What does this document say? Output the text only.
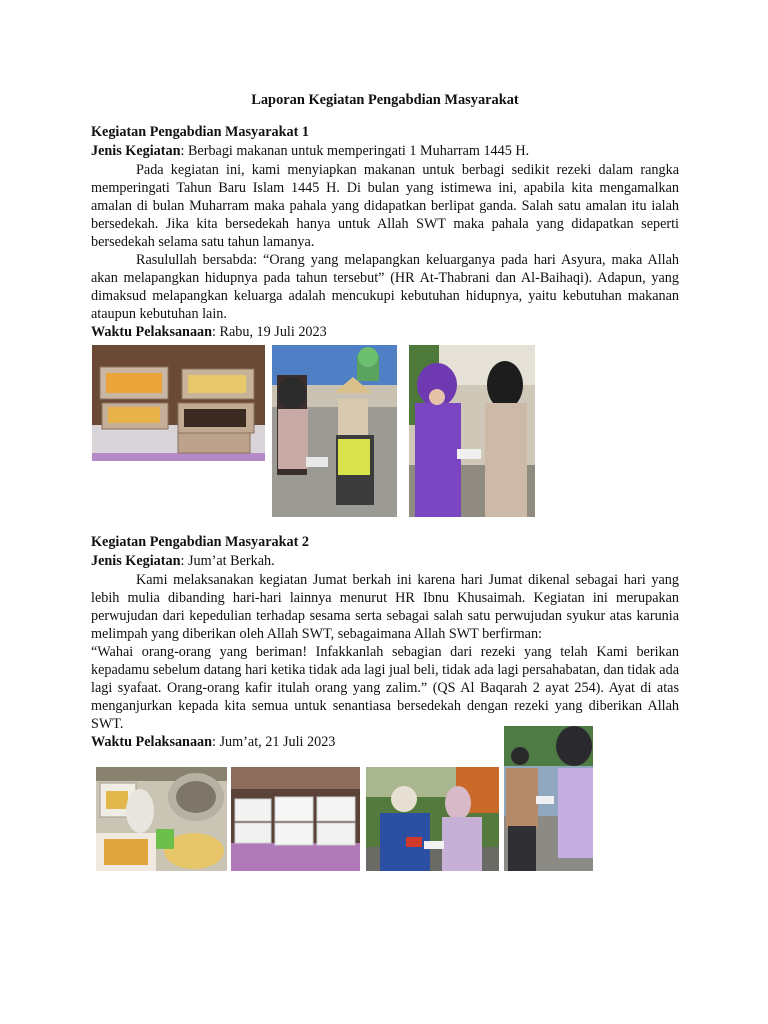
Laporan Kegiatan Pengabdian Masyarakat

Kegiatan Pengabdian Masyarakat 1

Jenis Kegiatan: Berbagi makanan untuk memperingati 1 Muharram 1445 H.

Pada kegiatan ini, kami menyiapkan makanan untuk berbagi sedikit rezeki dalam rangka memperingati Tahun Baru Islam 1445 H. Di bulan yang istimewa ini, apabila kita mengamalkan amalan di bulan Muharram maka pahala yang didapatkan berlipat ganda. Salah satu amalan itu ialah bersedekah. Jika kita bersedekah hanya untuk Allah SWT maka pahala yang didapatkan seperti bersedekah selama satu tahun lamanya.

Rasulullah bersabda: “Orang yang melapangkan keluarganya pada hari Asyura, maka Allah akan melapangkan hidupnya pada tahun tersebut” (HR At-Thabrani dan Al-Baihaqi). Adapun, yang dimaksud melapangkan keluarga adalah mencukupi kebutuhan hidupnya, yaitu kebutuhan makanan ataupun kebutuhan lain.

Waktu Pelaksanaan: Rabu, 19 Juli 2023

Kegiatan Pengabdian Masyarakat 2

Jenis Kegiatan: Jum’at Berkah.

Kami melaksanakan kegiatan Jumat berkah ini karena hari Jumat dikenal sebagai hari yang lebih mulia dibanding hari-hari lainnya menurut HR Ibnu Khusaimah. Kegiatan ini merupakan perwujudan dari kepedulian terhadap sesama serta sebagai salah satu perwujudan syukur atas karunia melimpah yang diberikan oleh Allah SWT, sebagaimana Allah SWT berfirman:

“Wahai orang-orang yang beriman! Infakkanlah sebagian dari rezeki yang telah Kami berikan kepadamu sebelum datang hari ketika tidak ada lagi jual beli, tidak ada lagi persahabatan, dan tidak ada lagi syafaat. Orang-orang kafir itulah orang yang zalim.” (QS Al Baqarah 2 ayat 254). Ayat di atas menganjurkan kepada kita semua untuk senantiasa bersedekah dengan rezeki yang diberikan Allah SWT.

Waktu Pelaksanaan: Jum’at, 21 Juli 2023
